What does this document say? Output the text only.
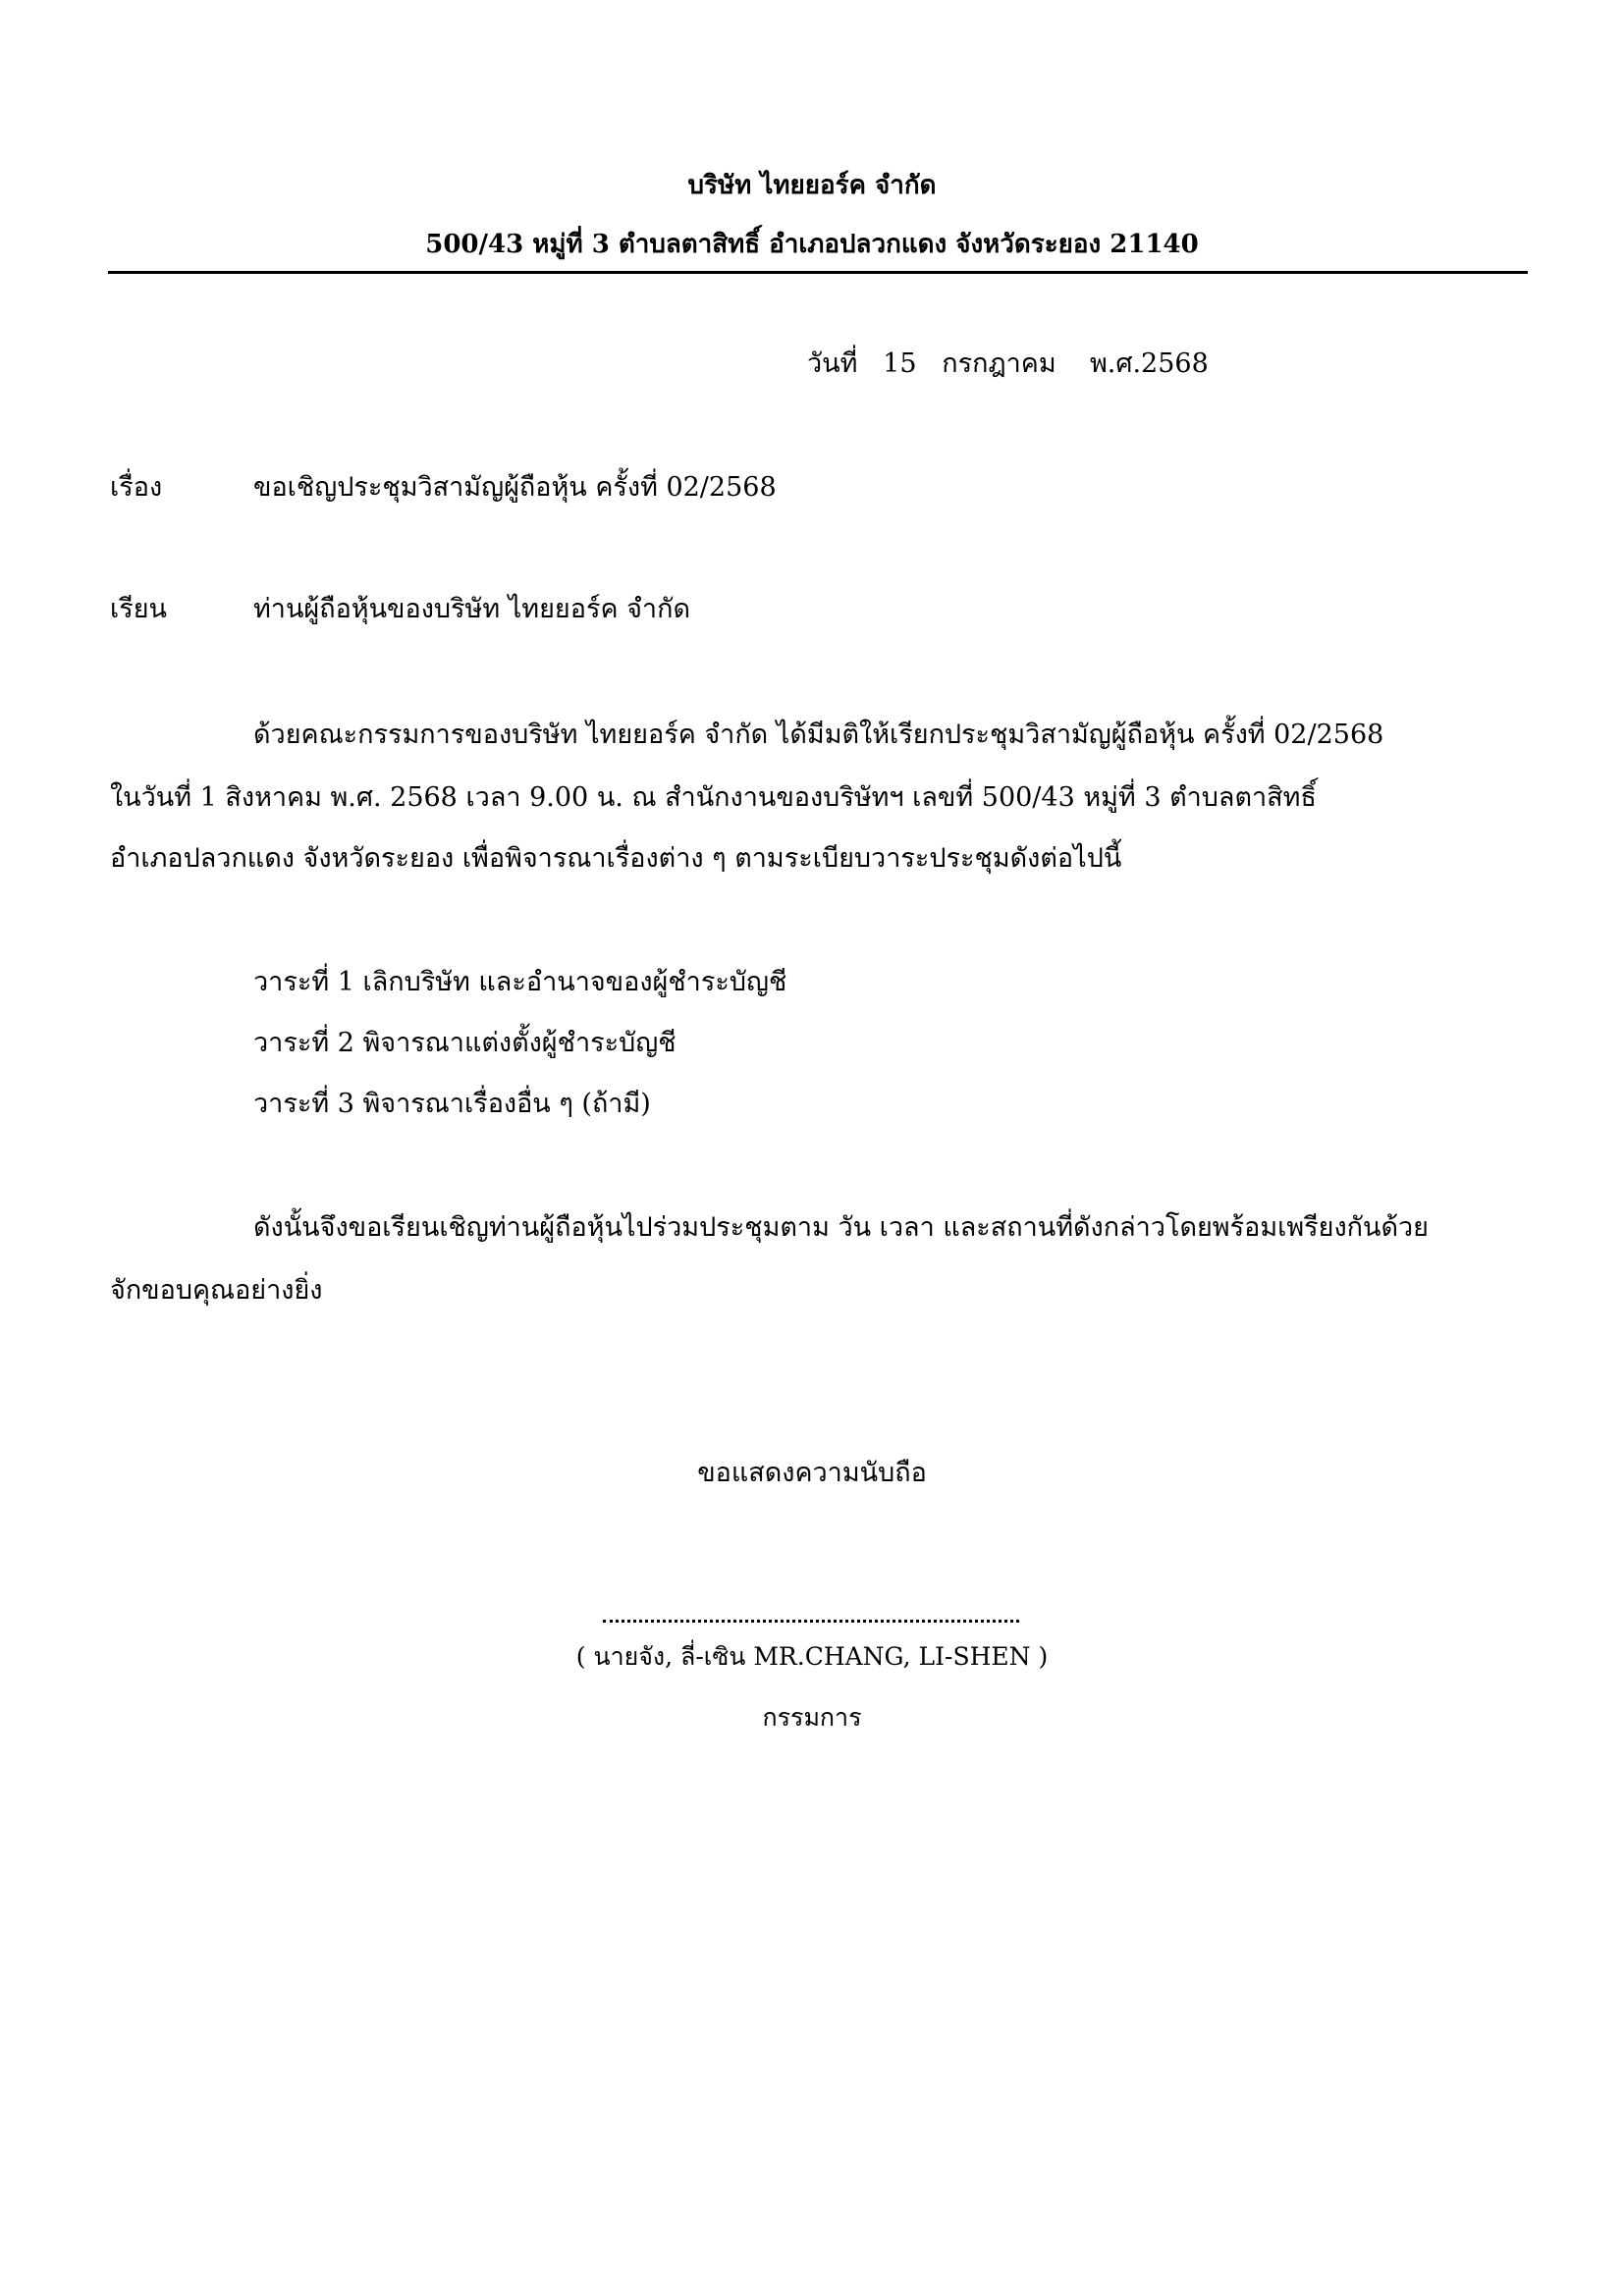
บริษัท ไทยยอร์ค จำกัด
500/43 หมู่ที่ 3 ตำบลตาสิทธิ์ อำเภอปลวกแดง จังหวัดระยอง 21140
วันที่   15   กรกฎาคม    พ.ศ.2568
เรื่อง	ขอเชิญประชุมวิสามัญผู้ถือหุ้น ครั้งที่ 02/2568
เรียน	ท่านผู้ถือหุ้นของบริษัท ไทยยอร์ค จำกัด
ด้วยคณะกรรมการของบริษัท ไทยยอร์ค จำกัด ได้มีมติให้เรียกประชุมวิสามัญผู้ถือหุ้น ครั้งที่ 02/2568
ในวันที่ 1 สิงหาคม พ.ศ. 2568 เวลา 9.00 น. ณ สำนักงานของบริษัทฯ เลขที่ 500/43 หมู่ที่ 3 ตำบลตาสิทธิ์
อำเภอปลวกแดง จังหวัดระยอง เพื่อพิจารณาเรื่องต่าง ๆ ตามระเบียบวาระประชุมดังต่อไปนี้
วาระที่ 1 เลิกบริษัท และอำนาจของผู้ชำระบัญชี
วาระที่ 2 พิจารณาแต่งตั้งผู้ชำระบัญชี
วาระที่ 3 พิจารณาเรื่องอื่น ๆ (ถ้ามี)
ดังนั้นจึงขอเรียนเชิญท่านผู้ถือหุ้นไปร่วมประชุมตาม วัน เวลา และสถานที่ดังกล่าวโดยพร้อมเพรียงกันด้วย
จักขอบคุณอย่างยิ่ง
ขอแสดงความนับถือ
( นายจัง, ลี่-เซิน MR.CHANG, LI-SHEN )
กรรมการ
